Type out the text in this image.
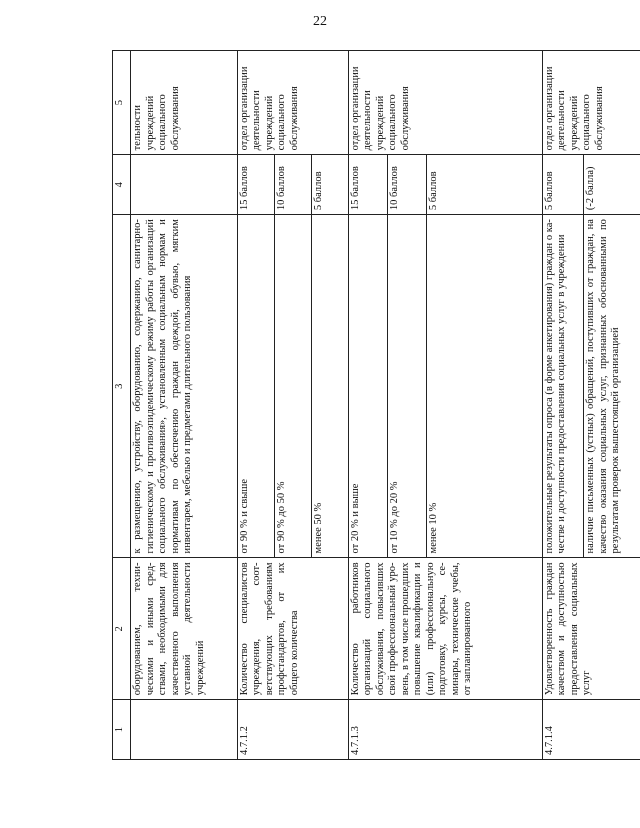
22
1	2	3	4	5
	оборудованием, техническими и иными средствами, необходимыми для качественного выполнения уставной деятельности учреждений	к размещению, устройству, оборудованию, содержанию, санитарно-гигиеническому и противоэпидемическому режиму работы организаций социального обслуживания», установленным социальным нормам и нормативам по обеспечению граждан одеждой, обувью, мягким инвентарем, мебелью и предметами длительного пользования		тельности учреждений социального обслуживания
4.7.1.2	Количество специалистов учреждения, соответствующих требованиям профстандартов, от их общего количества	от 90 % и свыше	15 баллов	отдел организации деятельности учреждений социального обслуживания
		от 90 % до 50 %	10 баллов	
		менее 50 %	5 баллов	
4.7.1.3	Количество работников организаций социального обслуживания, повысивших свой профессиональный уровень, в том числе прошедших повышение квалификации и (или) профессиональную подготовку, курсы, семинары, технические учебы, от запланированного	от 20 % и выше	15 баллов	отдел организации деятельности учреждений социального обслуживания
		от 10 % до 20 %	10 баллов	
		менее 10 %	5 баллов	
4.7.1.4	Удовлетворенность граждан качеством и доступностью предоставления социальных услуг	положительные результаты опроса (в форме анкетирования) граждан о качестве и доступности предоставления социальных услуг в учреждении	5 баллов	отдел организации деятельности учреждений социального обслуживания
		наличие письменных (устных) обращений, поступивших от граждан, на качество оказания социальных услуг, признанных обоснованными по результатам проверок вышестоящей организацией	(-2 балла)	
